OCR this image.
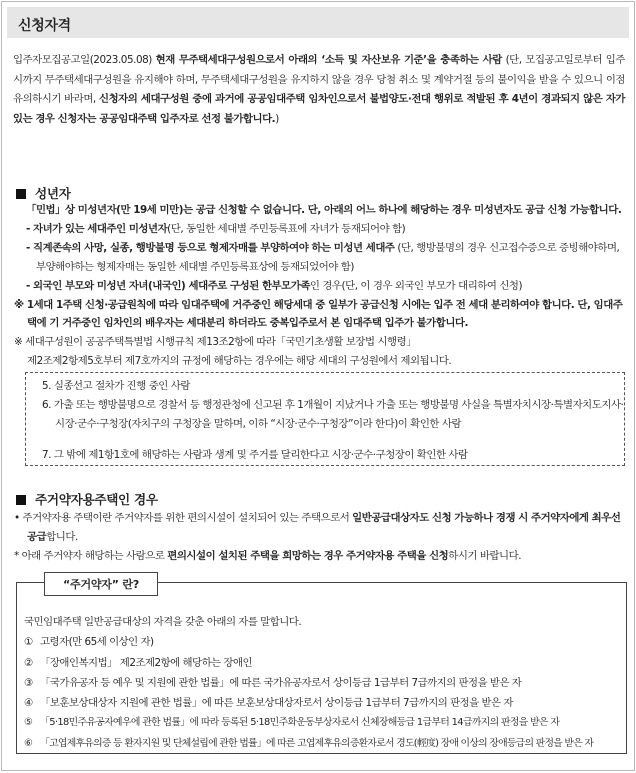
신청자격
입주자모집공고일(2023.05.08) 현재 무주택세대구성원으로서 아래의 ‘소득 및 자산보유 기준’을 충족하는 사람 (단, 모집공고일로부터 입주 시까지 무주택세대구성원을 유지해야 하며, 무주택세대구성원을 유지하지 않을 경우 당첨 취소 및 계약거절 등의 불이익을 받을 수 있으니 이점 유의하시기 바라며, 신청자의 세대구성원 중에 과거에 공공임대주택 임차인으로서 불법양도·전대 행위로 적발된 후 4년이 경과되지 않은 자가 있는 경우 신청자는 공공임대주택 입주자로 선정 불가합니다.)
성년자
「민법」상 미성년자(만 19세 미만)는 공급 신청할 수 없습니다. 단, 아래의 어느 하나에 해당하는 경우 미성년자도 공급 신청 가능합니다.
- 자녀가 있는 세대주인 미성년자(단, 동일한 세대별 주민등록표에 자녀가 등재되어야 함)
- 직계존속의 사망, 실종, 행방불명 등으로 형제자매를 부양하여야 하는 미성년 세대주 (단, 행방불명의 경우 신고접수증으로 증빙해야하며, 부양해야하는 형제자매는 동일한 세대별 주민등록표상에 등재되었어야 함)
- 외국인 부모와 미성년 자녀(내국인) 세대주로 구성된 한부모가족인 경우(단, 이 경우 외국인 부모가 대리하여 신청)
※ 1세대 1주택 신청·공급원칙에 따라 임대주택에 거주중인 해당세대 중 일부가 공급신청 시에는 입주 전 세대 분리하여야 합니다. 단, 임대주택에 기 거주중인 임차인의 배우자는 세대분리 하더라도 중복입주로서 본 임대주택 입주가 불가합니다.
※ 세대구성원이 공공주택특별법 시행규칙 제13조2항에 따라「국민기초생활 보장법 시행령」
제2조제2항제5호부터 제7호까지의 규정에 해당하는 경우에는 해당 세대의 구성원에서 제외됩니다.
5. 실종선고 절차가 진행 중인 사람
6. 가출 또는 행방불명으로 경찰서 등 행정관청에 신고된 후 1개월이 지났거나 가출 또는 행방불명 사실을 특별자치시장·특별자치도지사·시장·군수·구청장(자치구의 구청장을 말하며, 이하 “시장·군수·구청장”이라 한다)이 확인한 사람
7. 그 밖에 제1항1호에 해당하는 사람과 생계 및 주거를 달리한다고 시장·군수·구청장이 확인한 사람
주거약자용주택인 경우
• 주거약자용 주택이란 주거약자를 위한 편의시설이 설치되어 있는 주택으로서 일반공급대상자도 신청 가능하나 경쟁 시 주거약자에게 최우선 공급합니다.
* 아래 주거약자 해당하는 사람으로 편의시설이 설치된 주택을 희망하는 경우 주거약자용 주택을 신청하시기 바랍니다.
국민임대주택 일반공급대상의 자격을 갖춘 아래의 자를 말합니다.
① 고령자(만 65세 이상인 자)
② 「장애인복지법」 제2조제2항에 해당하는 장애인
③ 「국가유공자 등 예우 및 지원에 관한 법률」에 따른 국가유공자로서 상이등급 1급부터 7급까지의 판정을 받은 자
④ 「보훈보상대상자 지원에 관한 법률」에 따른 보훈보상대상자로서 상이등급 1급부터 7급까지의 판정을 받은 자
⑤ 「5·18민주유공자예우에 관한 법률」에 따라 등록된 5·18민주화운동부상자로서 신체장해등급 1급부터 14급까지의 판정을 받은 자
⑥ 「고엽제후유의증 등 환자지원 및 단체설립에 관한 법률」에 따른 고엽제후유의증환자로서 경도(輕度) 장애 이상의 장애등급의 판정을 받은 자
“주거약자” 란?
